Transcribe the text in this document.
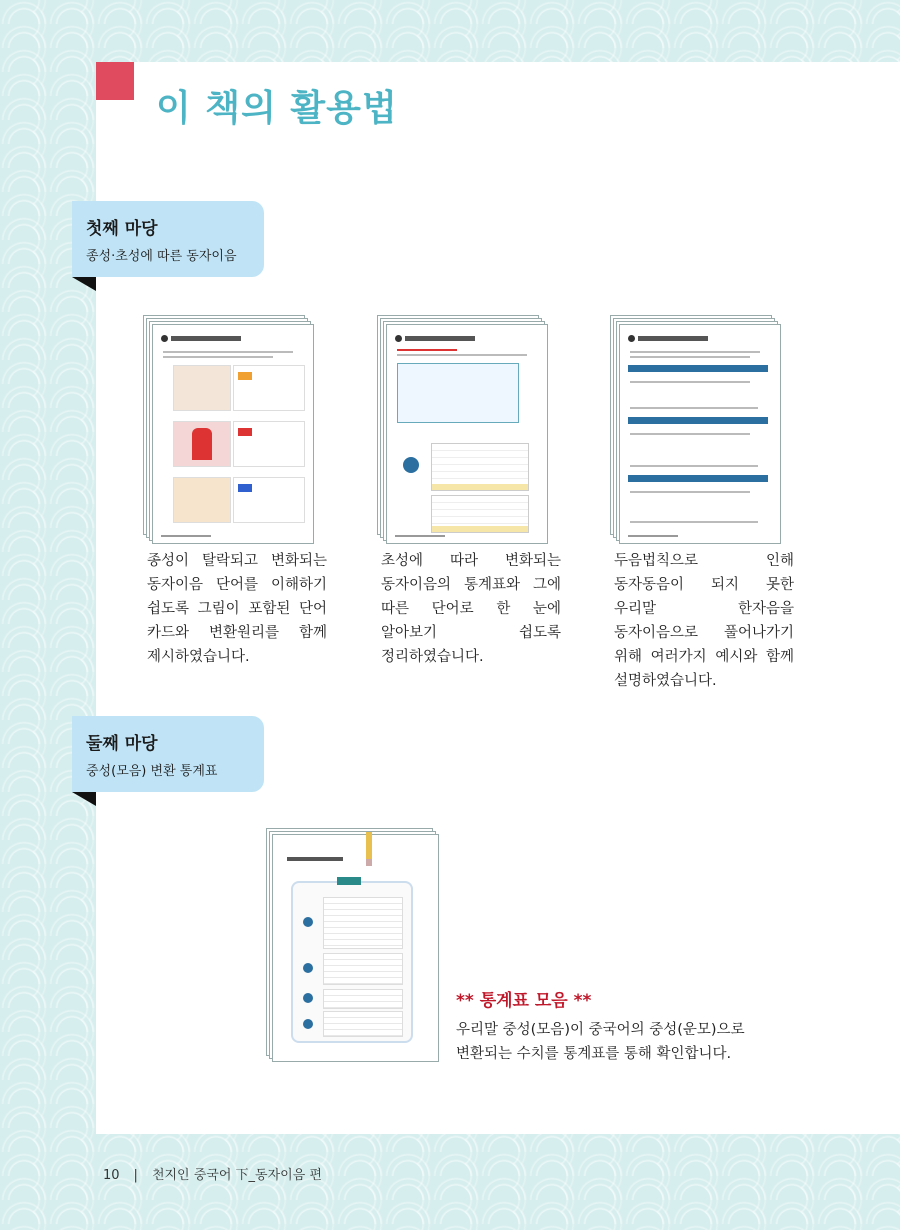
이 책의 활용법
첫째 마당
종성·초성에 따른 동자이음
종성이 탈락되고 변화되는 동자이음 단어를 이해하기 쉽도록 그림이 포함된 단어 카드와 변환원리를 함께 제시하였습니다.
초성에 따라 변화되는 동자이음의 통계표와 그에 따른 단어로 한 눈에 알아보기 쉽도록 정리하였습니다.
두음법칙으로 인해 동자동음이 되지 못한 우리말 한자음을 동자이음으로 풀어나가기 위해 여러가지 예시와 함께 설명하였습니다.
둘째 마당
중성(모음) 변환 통계표
** 통계표 모음 **
우리말 중성(모음)이 중국어의 중성(운모)으로 변환되는 수치를 통계표를 통해 확인합니다.
10 | 천지인 중국어 下_동자이음 편
